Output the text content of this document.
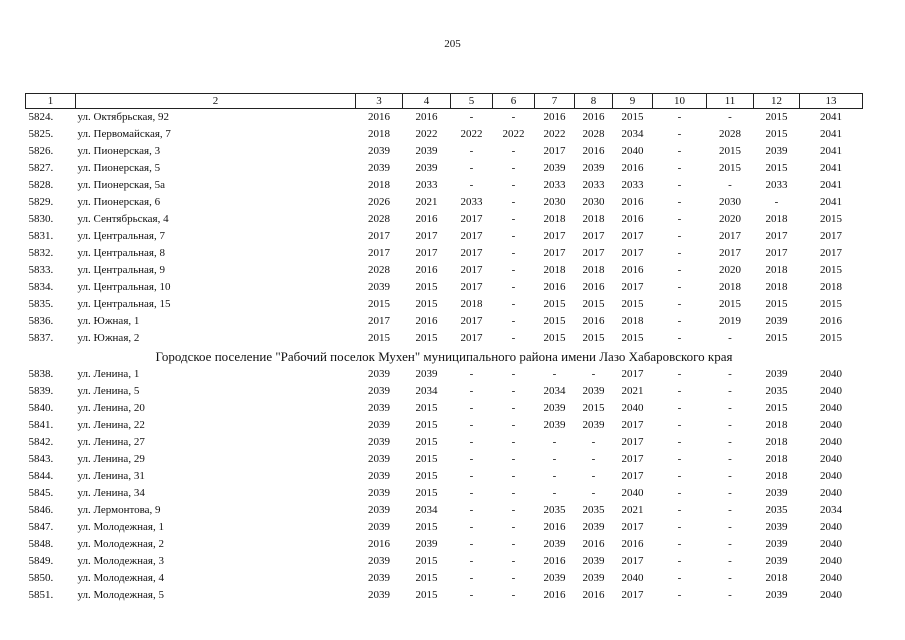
205
1	2	3	4	5	6	7	8	9	10	11	12	13
5824.	ул. Октябрьская, 92	2016	2016	-	-	2016	2016	2015	-	-	2015	2041
5825.	ул. Первомайская, 7	2018	2022	2022	2022	2022	2028	2034	-	2028	2015	2041
5826.	ул. Пионерская, 3	2039	2039	-	-	2017	2016	2040	-	2015	2039	2041
5827.	ул. Пионерская, 5	2039	2039	-	-	2039	2039	2016	-	2015	2015	2041
5828.	ул. Пионерская, 5а	2018	2033	-	-	2033	2033	2033	-	-	2033	2041
5829.	ул. Пионерская, 6	2026	2021	2033	-	2030	2030	2016	-	2030	-	2041
5830.	ул. Сентябрьская, 4	2028	2016	2017	-	2018	2018	2016	-	2020	2018	2015
5831.	ул. Центральная, 7	2017	2017	2017	-	2017	2017	2017	-	2017	2017	2017
5832.	ул. Центральная, 8	2017	2017	2017	-	2017	2017	2017	-	2017	2017	2017
5833.	ул. Центральная, 9	2028	2016	2017	-	2018	2018	2016	-	2020	2018	2015
5834.	ул. Центральная, 10	2039	2015	2017	-	2016	2016	2017	-	2018	2018	2018
5835.	ул. Центральная, 15	2015	2015	2018	-	2015	2015	2015	-	2015	2015	2015
5836.	ул. Южная, 1	2017	2016	2017	-	2015	2016	2018	-	2019	2039	2016
5837.	ул. Южная, 2	2015	2015	2017	-	2015	2015	2015	-	-	2015	2015
Городское поселение "Рабочий поселок Мухен" муниципального района имени Лазо Хабаровского края												
5838.	ул. Ленина, 1	2039	2039	-	-	-	-	2017	-	-	2039	2040
5839.	ул. Ленина, 5	2039	2034	-	-	2034	2039	2021	-	-	2035	2040
5840.	ул. Ленина, 20	2039	2015	-	-	2039	2015	2040	-	-	2015	2040
5841.	ул. Ленина, 22	2039	2015	-	-	2039	2039	2017	-	-	2018	2040
5842.	ул. Ленина, 27	2039	2015	-	-	-	-	2017	-	-	2018	2040
5843.	ул. Ленина, 29	2039	2015	-	-	-	-	2017	-	-	2018	2040
5844.	ул. Ленина, 31	2039	2015	-	-	-	-	2017	-	-	2018	2040
5845.	ул. Ленина, 34	2039	2015	-	-	-	-	2040	-	-	2039	2040
5846.	ул. Лермонтова, 9	2039	2034	-	-	2035	2035	2021	-	-	2035	2034
5847.	ул. Молодежная, 1	2039	2015	-	-	2016	2039	2017	-	-	2039	2040
5848.	ул. Молодежная, 2	2016	2039	-	-	2039	2016	2016	-	-	2039	2040
5849.	ул. Молодежная, 3	2039	2015	-	-	2016	2039	2017	-	-	2039	2040
5850.	ул. Молодежная, 4	2039	2015	-	-	2039	2039	2040	-	-	2018	2040
5851.	ул. Молодежная, 5	2039	2015	-	-	2016	2016	2017	-	-	2039	2040
